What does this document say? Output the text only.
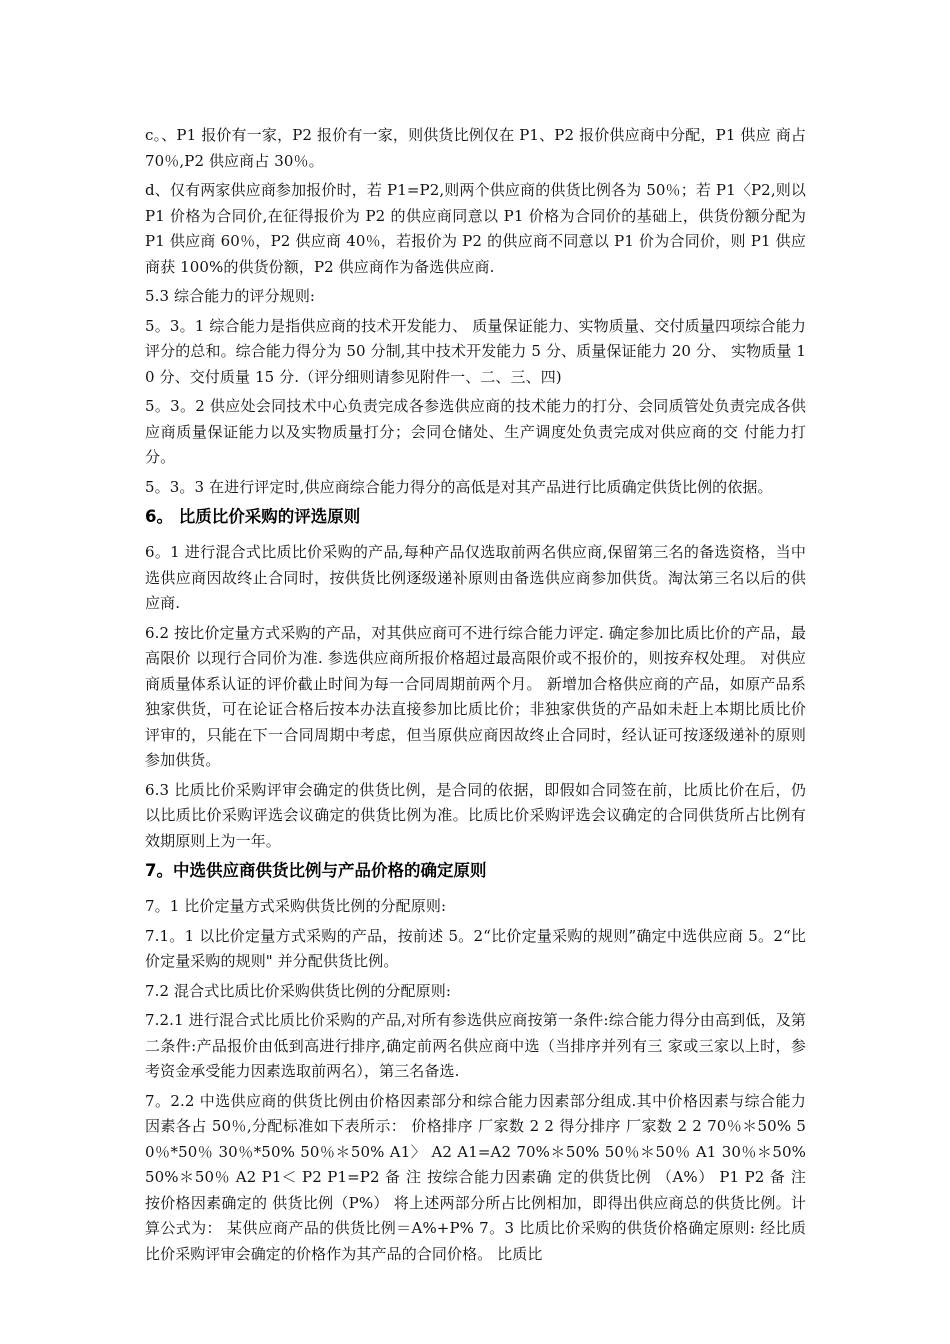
c。、P1 报价有一家，P2 报价有一家，则供货比例仅在 P1、P2 报价供应商中分配，P1 供应 商占 70％,P2 供应商占 30％。

d、仅有两家供应商参加报价时，若 P1=P2,则两个供应商的供货比例各为 50％；若 P1〈P2,则以 P1 价格为合同价,在征得报价为 P2 的供应商同意以 P1 价格为合同价的基础上，供货份额分配为 P1 供应商 60％，P2 供应商 40％，若报价为 P2 的供应商不同意以 P1 价为合同价，则 P1 供应商获 100%的供货份额，P2 供应商作为备选供应商.

5.3 综合能力的评分规则:

5。3。1 综合能力是指供应商的技术开发能力、 质量保证能力、实物质量、交付质量四项综合能力评分的总和。综合能力得分为 50 分制,其中技术开发能力 5 分、质量保证能力 20 分、 实物质量 10 分、交付质量 15 分.（评分细则请参见附件一、二、三、四)

5。3。2 供应处会同技术中心负责完成各参选供应商的技术能力的打分、会同质管处负责完成各供应商质量保证能力以及实物质量打分；会同仓储处、生产调度处负责完成对供应商的交 付能力打分。

5。3。3 在进行评定时,供应商综合能力得分的高低是对其产品进行比质确定供货比例的依据。

6。 比质比价采购的评选原则

6。1 进行混合式比质比价采购的产品,每种产品仅选取前两名供应商,保留第三名的备选资格，当中选供应商因故终止合同时，按供货比例逐级递补原则由备选供应商参加供货。淘汰第三名以后的供应商.

6.2 按比价定量方式采购的产品，对其供应商可不进行综合能力评定. 确定参加比质比价的产品，最高限价 以现行合同价为准. 参选供应商所报价格超过最高限价或不报价的，则按弃权处理。 对供应商质量体系认证的评价截止时间为每一合同周期前两个月。 新增加合格供应商的产品，如原产品系独家供货，可在论证合格后按本办法直接参加比质比价；非独家供货的产品如未赶上本期比质比价评审的，只能在下一合同周期中考虑，但当原供应商因故终止合同时，经认证可按逐级递补的原则参加供货。

6.3 比质比价采购评审会确定的供货比例，是合同的依据，即假如合同签在前，比质比价在后，仍以比质比价采购评选会议确定的供货比例为准。比质比价采购评选会议确定的合同供货所占比例有效期原则上为一年。

7。中选供应商供货比例与产品价格的确定原则

7。1 比价定量方式采购供货比例的分配原则:

7.1。1 以比价定量方式采购的产品，按前述 5。2“比价定量采购的规则”确定中选供应商 5。2“比价定量采购的规则" 并分配供货比例。

7.2 混合式比质比价采购供货比例的分配原则:

7.2.1 进行混合式比质比价采购的产品,对所有参选供应商按第一条件:综合能力得分由高到低，及第二条件:产品报价由低到高进行排序,确定前两名供应商中选（当排序并列有三 家或三家以上时，参考资金承受能力因素选取前两名），第三名备选.

7。2.2 中选供应商的供货比例由价格因素部分和综合能力因素部分组成.其中价格因素与综合能力因素各占 50％,分配标准如下表所示： 价格排序 厂家数 2 2 得分排序 厂家数 2 2 70％＊50% 50％*50％ 30％*50% 50％＊50% A1〉 A2 A1=A2 70%＊50% 50％＊50％ A1 30％＊50% 50%＊50％ A2 P1＜ P2 P1=P2 备 注 按综合能力因素确 定的供货比例 （A%） P1 P2 备 注 按价格因素确定的 供货比例（P%） 将上述两部分所占比例相加，即得出供应商总的供货比例。计算公式为： 某供应商产品的供货比例＝A%+P% 7。3 比质比价采购的供货价格确定原则: 经比质比价采购评审会确定的价格作为其产品的合同价格。 比质比
